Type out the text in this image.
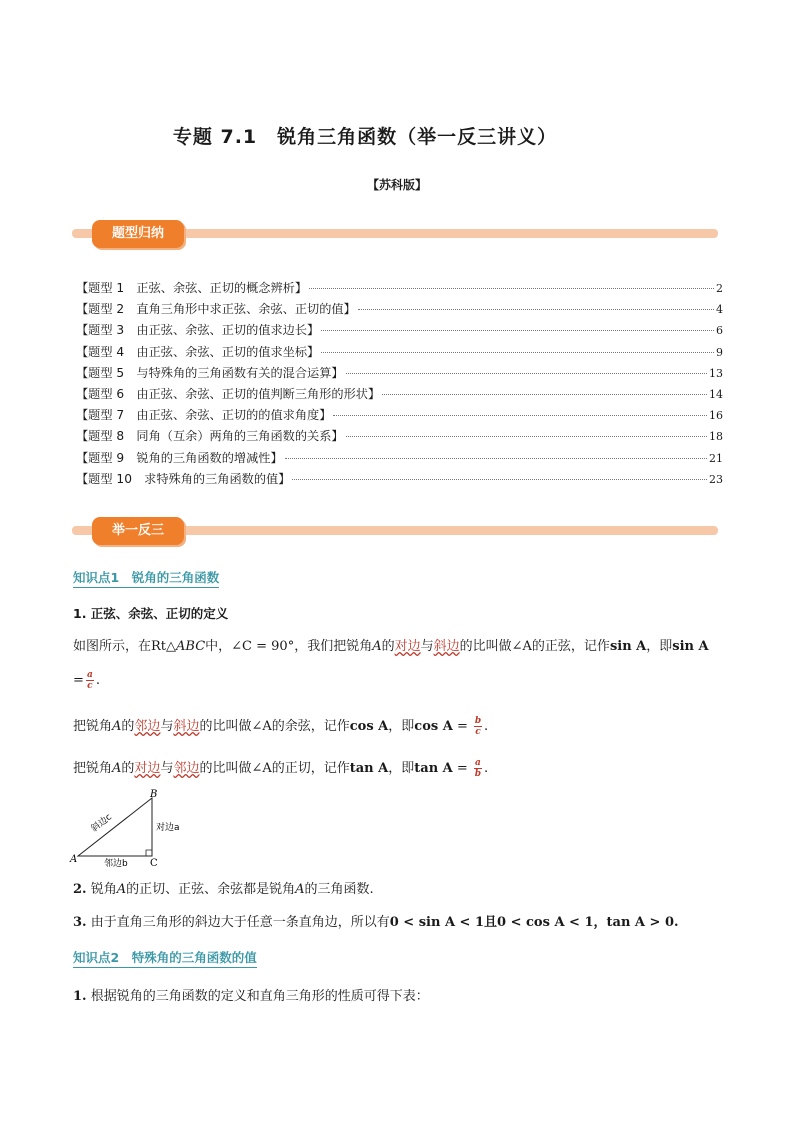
专题 7.1　锐角三角函数（举一反三讲义）
【苏科版】
题型归纳
【题型 1　正弦、余弦、正切的概念辨析】	2
【题型 2　直角三角形中求正弦、余弦、正切的值】	4
【题型 3　由正弦、余弦、正切的值求边长】	6
【题型 4　由正弦、余弦、正切的值求坐标】	9
【题型 5　与特殊角的三角函数有关的混合运算】	13
【题型 6　由正弦、余弦、正切的值判断三角形的形状】	14
【题型 7　由正弦、余弦、正切的的值求角度】	16
【题型 8　同角（互余）两角的三角函数的关系】	18
【题型 9　锐角的三角函数的增减性】	21
【题型 10　求特殊角的三角函数的值】	23
举一反三
知识点1　锐角的三角函数
1. 正弦、余弦、正切的定义
如图所示，在Rt△ABC中，∠C = 90°，我们把锐角A的对边与斜边的比叫做∠A的正弦，记作sin A，即sin A
= $\frac{a}{c}$ .
把锐角A的邻边与斜边的比叫做∠A的余弦，记作cos A，即$\cos A = \frac{b}{c}$ .
把锐角A的对边与邻边的比叫做∠A的正切，记作tan A，即$\tan A = \frac{a}{b}$ .
A
B
C
对边a
邻边b
斜边c
2. 锐角A的正切、正弦、余弦都是锐角A的三角函数.
3. 由于直角三角形的斜边大于任意一条直角边，所以有0 < sin A < 1且0 < cos A < 1，tan A > 0.
知识点2　特殊角的三角函数的值
1. 根据锐角的三角函数的定义和直角三角形的性质可得下表：
